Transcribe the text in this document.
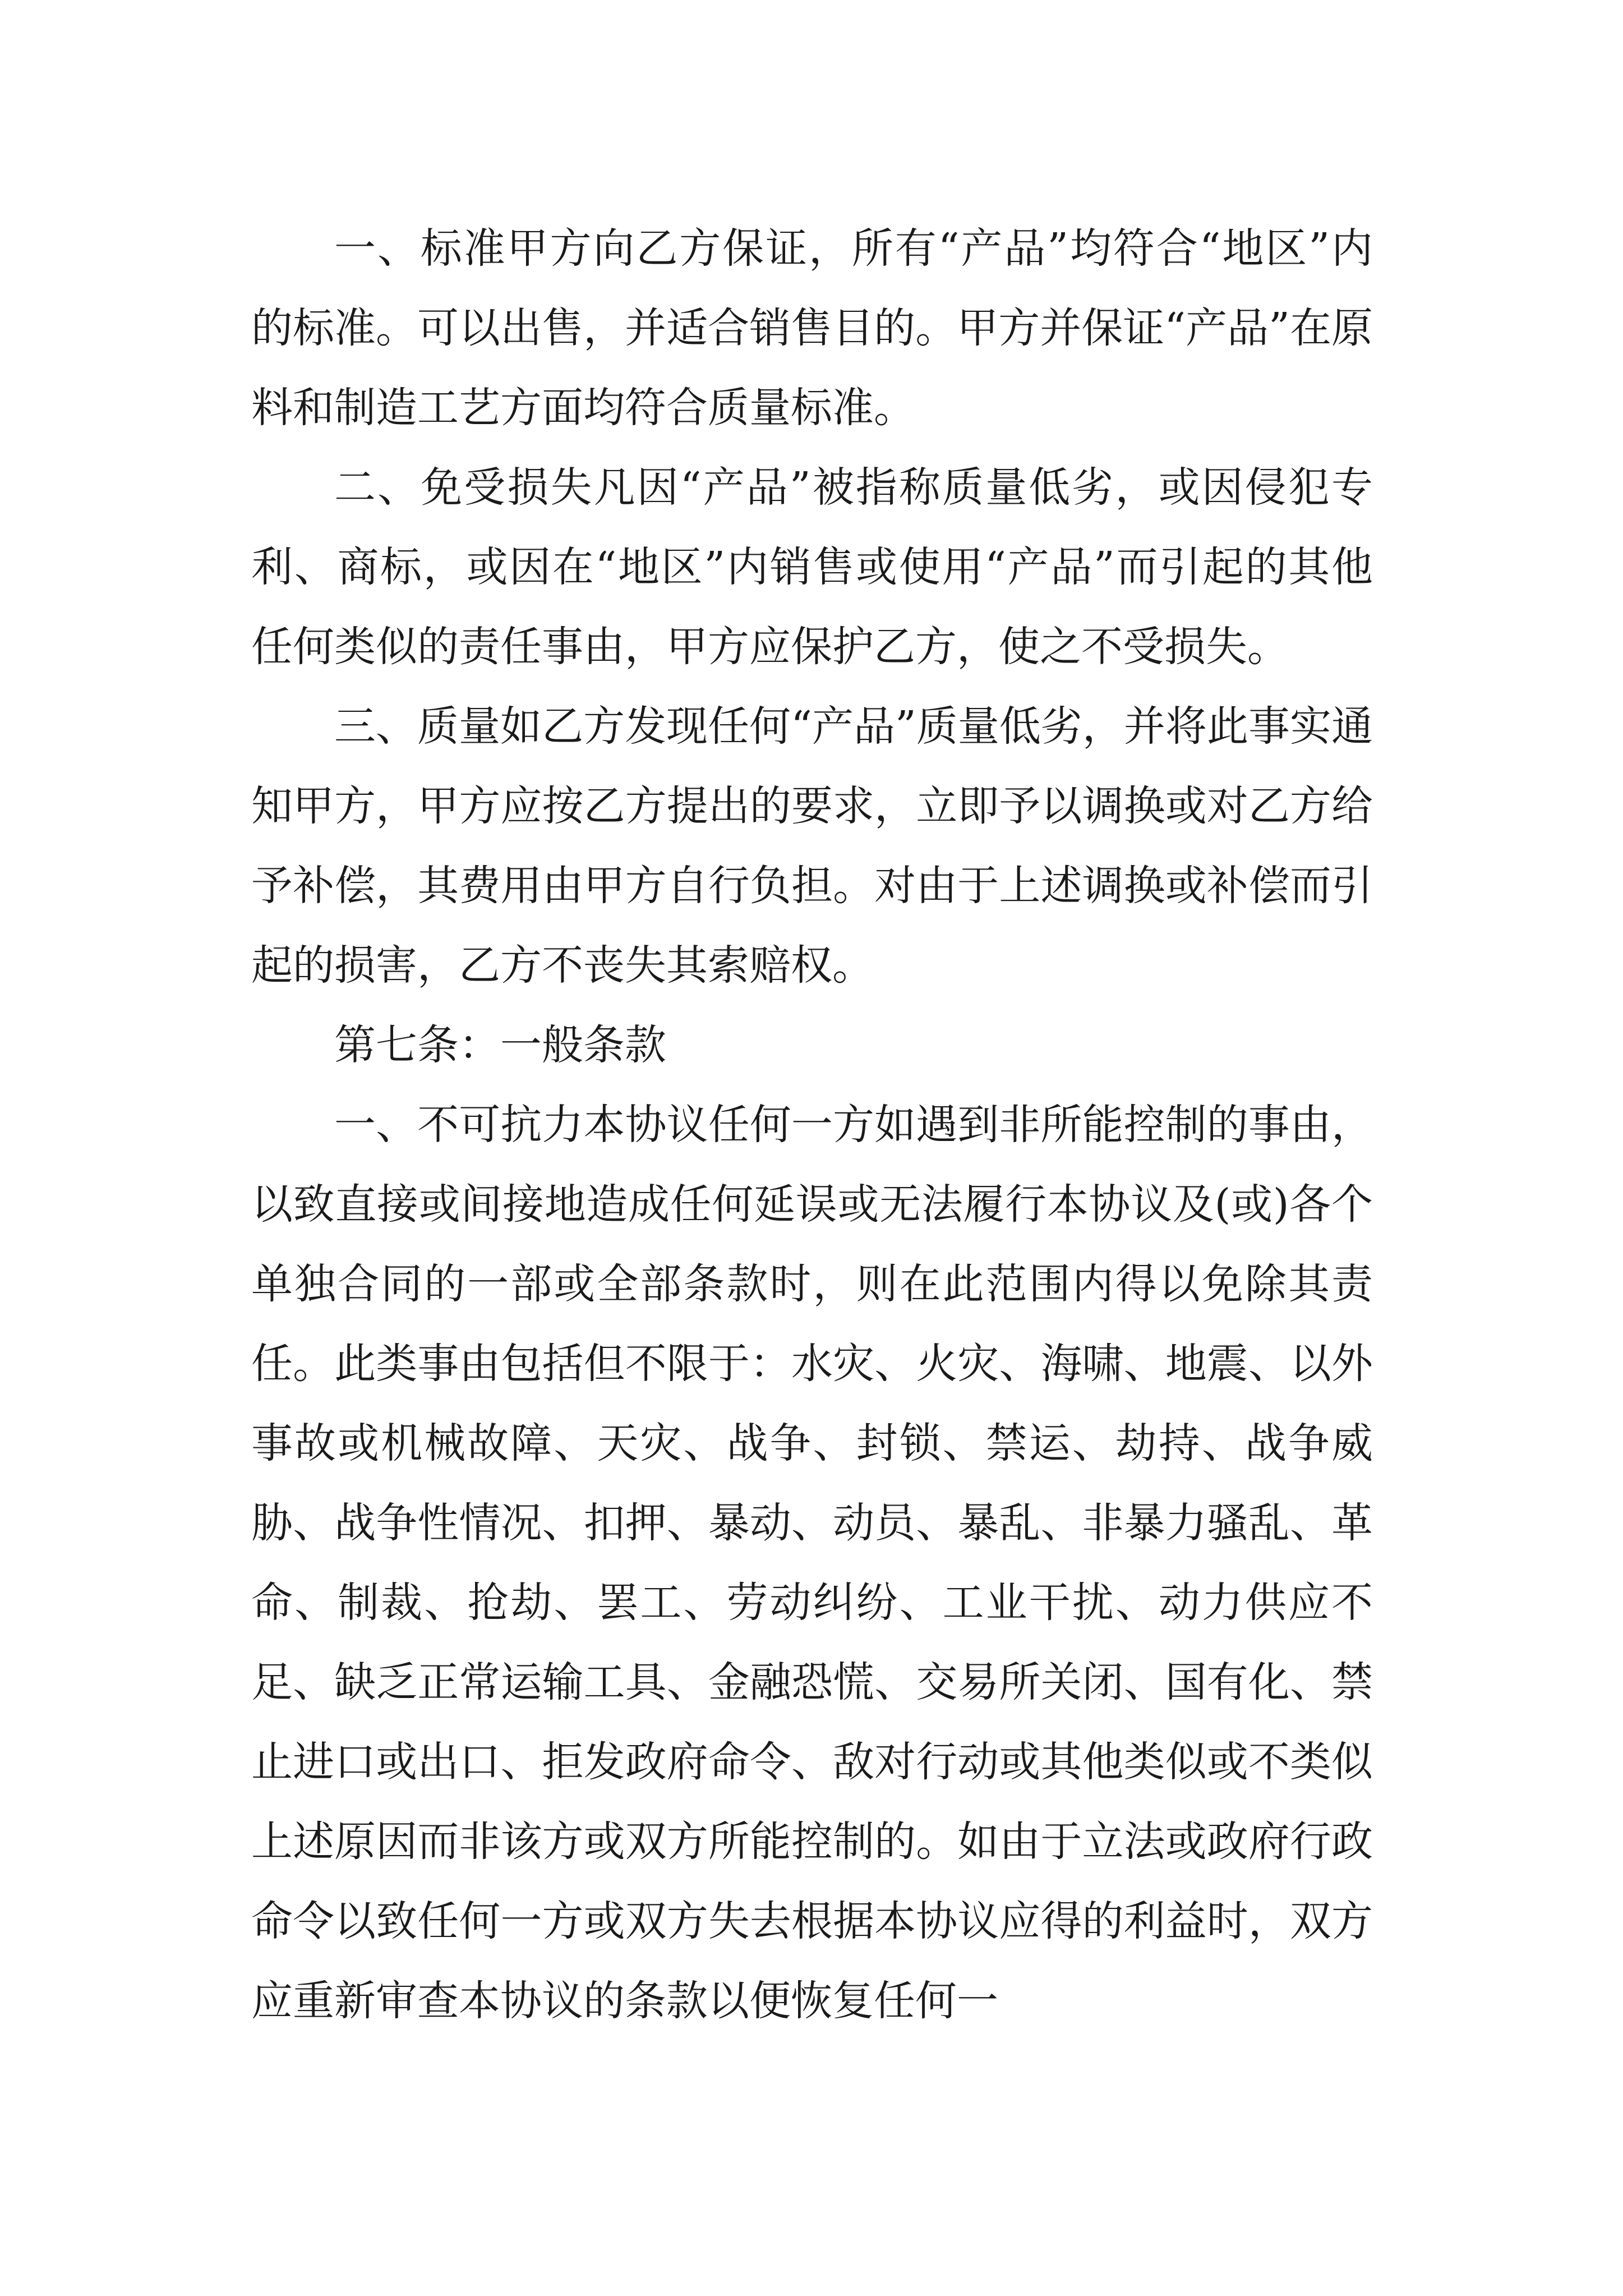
一、标准甲方向乙方保证，所有“产品”均符合“地区”内的标准。可以出售，并适合销售目的。甲方并保证“产品”在原料和制造工艺方面均符合质量标准。

二、免受损失凡因“产品”被指称质量低劣，或因侵犯专利、商标，或因在“地区”内销售或使用“产品”而引起的其他任何类似的责任事由，甲方应保护乙方，使之不受损失。

三、质量如乙方发现任何“产品”质量低劣，并将此事实通知甲方，甲方应按乙方提出的要求，立即予以调换或对乙方给予补偿，其费用由甲方自行负担。对由于上述调换或补偿而引起的损害，乙方不丧失其索赔权。

第七条：一般条款

一、不可抗力本协议任何一方如遇到非所能控制的事由，以致直接或间接地造成任何延误或无法履行本协议及(或)各个单独合同的一部或全部条款时，则在此范围内得以免除其责任。此类事由包括但不限于：水灾、火灾、海啸、地震、以外事故或机械故障、天灾、战争、封锁、禁运、劫持、战争威胁、战争性情况、扣押、暴动、动员、暴乱、非暴力骚乱、革命、制裁、抢劫、罢工、劳动纠纷、工业干扰、动力供应不足、缺乏正常运输工具、金融恐慌、交易所关闭、国有化、禁止进口或出口、拒发政府命令、敌对行动或其他类似或不类似上述原因而非该方或双方所能控制的。如由于立法或政府行政命令以致任何一方或双方失去根据本协议应得的利益时，双方应重新审查本协议的条款以便恢复任何一
